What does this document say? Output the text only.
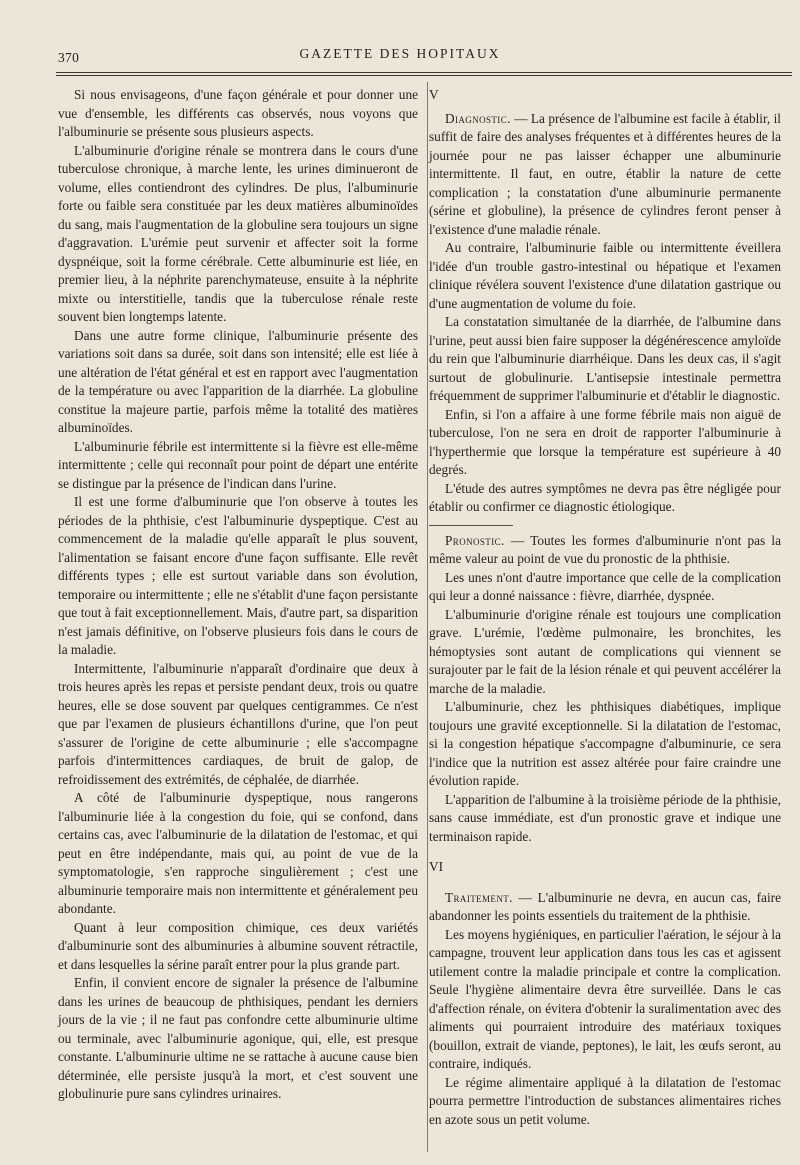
370	GAZETTE DES HOPITAUX

Si nous envisageons, d'une façon générale et pour donner une vue d'ensemble, les différents cas observés, nous voyons que l'albuminurie se présente sous plusieurs aspects.

L'albuminurie d'origine rénale se montrera dans le cours d'une tuberculose chronique, à marche lente, les urines diminueront de volume, elles contiendront des cylindres. De plus, l'albuminurie forte ou faible sera constituée par les deux matières albuminoïdes du sang, mais l'augmentation de la globuline sera toujours un signe d'aggravation. L'urémie peut survenir et affecter soit la forme dyspnéique, soit la forme cérébrale. Cette albuminurie est liée, en premier lieu, à la néphrite parenchymateuse, ensuite à la néphrite mixte ou interstitielle, tandis que la tuberculose rénale reste souvent bien longtemps latente.

Dans une autre forme clinique, l'albuminurie présente des variations soit dans sa durée, soit dans son intensité; elle est liée à une altération de l'état général et est en rapport avec l'augmentation de la température ou avec l'apparition de la diarrhée. La globuline constitue la majeure partie, parfois même la totalité des matières albuminoïdes.

L'albuminurie fébrile est intermittente si la fièvre est elle-même intermittente ; celle qui reconnaît pour point de départ une entérite se distingue par la présence de l'indican dans l'urine.

Il est une forme d'albuminurie que l'on observe à toutes les périodes de la phthisie, c'est l'albuminurie dyspeptique. C'est au commencement de la maladie qu'elle apparaît le plus souvent, l'alimentation se faisant encore d'une façon suffisante. Elle revêt différents types ; elle est surtout variable dans son évolution, temporaire ou intermittente ; elle ne s'établit d'une façon persistante que tout à fait exceptionnellement. Mais, d'autre part, sa disparition n'est jamais définitive, on l'observe plusieurs fois dans le cours de la maladie.

Intermittente, l'albuminurie n'apparaît d'ordinaire que deux à trois heures après les repas et persiste pendant deux, trois ou quatre heures, elle se dose souvent par quelques centigrammes. Ce n'est que par l'examen de plusieurs échantillons d'urine, que l'on peut s'assurer de l'origine de cette albuminurie ; elle s'accompagne parfois d'intermittences cardiaques, de bruit de galop, de refroidissement des extrémités, de céphalée, de diarrhée.

A côté de l'albuminurie dyspeptique, nous rangerons l'albuminurie liée à la congestion du foie, qui se confond, dans certains cas, avec l'albuminurie de la dilatation de l'estomac, et qui peut en être indépendante, mais qui, au point de vue de la symptomatologie, s'en rapproche singulièrement ; c'est une albuminurie temporaire mais non intermittente et généralement peu abondante.

Quant à leur composition chimique, ces deux variétés d'albuminurie sont des albuminuries à albumine souvent rétractile, et dans lesquelles la sérine paraît entrer pour la plus grande part.

Enfin, il convient encore de signaler la présence de l'albumine dans les urines de beaucoup de phthisiques, pendant les derniers jours de la vie ; il ne faut pas confondre cette albuminurie ultime ou terminale, avec l'albuminurie agonique, qui, elle, est presque constante. L'albuminurie ultime ne se rattache à aucune cause bien déterminée, elle persiste jusqu'à la mort, et c'est souvent une globulinurie pure sans cylindres urinaires.

V

Diagnostic. — La présence de l'albumine est facile à établir, il suffit de faire des analyses fréquentes et à différentes heures de la journée pour ne pas laisser échapper une albuminurie intermittente. Il faut, en outre, établir la nature de cette complication ; la constatation d'une albuminurie permanente (sérine et globuline), la présence de cylindres feront penser à l'existence d'une maladie rénale.

Au contraire, l'albuminurie faible ou intermittente éveillera l'idée d'un trouble gastro-intestinal ou hépatique et l'examen clinique révélera souvent l'existence d'une dilatation gastrique ou d'une augmentation de volume du foie.

La constatation simultanée de la diarrhée, de l'albumine dans l'urine, peut aussi bien faire supposer la dégénérescence amyloïde du rein que l'albuminurie diarrhéique. Dans les deux cas, il s'agit surtout de globulinurie. L'antisepsie intestinale permettra fréquemment de supprimer l'albuminurie et d'établir le diagnostic.

Enfin, si l'on a affaire à une forme fébrile mais non aiguë de tuberculose, l'on ne sera en droit de rapporter l'albuminurie à l'hyperthermie que lorsque la température est supérieure à 40 degrés.

L'étude des autres symptômes ne devra pas être négligée pour établir ou confirmer ce diagnostic étiologique.

Pronostic. — Toutes les formes d'albuminurie n'ont pas la même valeur au point de vue du pronostic de la phthisie.

Les unes n'ont d'autre importance que celle de la complication qui leur a donné naissance : fièvre, diarrhée, dyspnée.

L'albuminurie d'origine rénale est toujours une complication grave. L'urémie, l'œdème pulmonaire, les bronchites, les hémoptysies sont autant de complications qui viennent se surajouter par le fait de la lésion rénale et qui peuvent accélérer la marche de la maladie.

L'albuminurie, chez les phthisiques diabétiques, implique toujours une gravité exceptionnelle. Si la dilatation de l'estomac, si la congestion hépatique s'accompagne d'albuminurie, ce sera l'indice que la nutrition est assez altérée pour faire craindre une évolution rapide.

L'apparition de l'albumine à la troisième période de la phthisie, sans cause immédiate, est d'un pronostic grave et indique une terminaison rapide.

VI

Traitement. — L'albuminurie ne devra, en aucun cas, faire abandonner les points essentiels du traitement de la phthisie.

Les moyens hygiéniques, en particulier l'aération, le séjour à la campagne, trouvent leur application dans tous les cas et agissent utilement contre la maladie principale et contre la complication. Seule l'hygiène alimentaire devra être surveillée. Dans le cas d'affection rénale, on évitera d'obtenir la suralimentation avec des aliments qui pourraient introduire des matériaux toxiques (bouillon, extrait de viande, peptones), le lait, les œufs seront, au contraire, indiqués.

Le régime alimentaire appliqué à la dilatation de l'estomac pourra permettre l'introduction de substances alimentaires riches en azote sous un petit volume.
